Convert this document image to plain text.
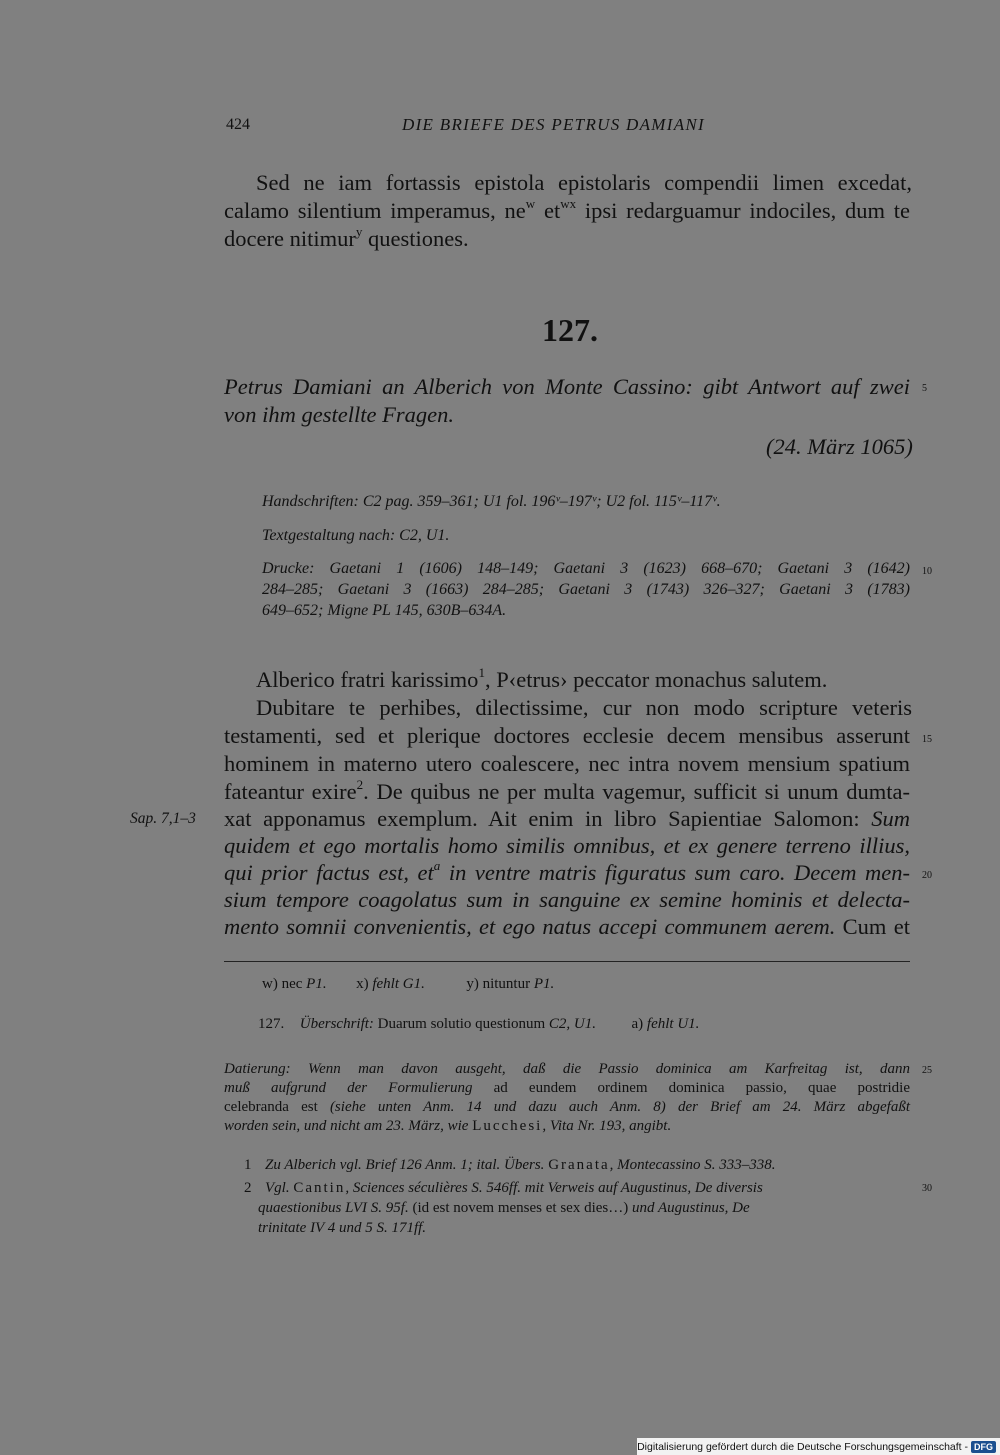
424	DIE BRIEFE DES PETRUS DAMIANI
Sed ne iam fortassis epistola epistolaris compendii limen excedat,
calamo silentium imperamus, $ne^w$ $et^{wx}$ ipsi redarguamur indociles, dum te
docere nitimur$^y$ questiones.
127.
Petrus Damiani an Alberich von Monte Cassino: gibt Antwort auf zwei
von ihm gestellte Fragen.
(24. März 1065)
Handschriften: C2 pag. 359–361; U1 fol. 196ᵛ–197ᵛ; U2 fol. 115ᵛ–117ᵛ.
Textgestaltung nach: C2, U1.
Drucke: Gaetani 1 (1606) 148–149; Gaetani 3 (1623) 668–670; Gaetani 3 (1642)
284–285; Gaetani 3 (1663) 284–285; Gaetani 3 (1743) 326–327; Gaetani 3 (1783)
649–652; Migne PL 145, 630B–634A.
Alberico fratri karissimo$^1$, P‹etrus› peccator monachus salutem.
Dubitare te perhibes, dilectissime, cur non modo scripture veteris
testamenti, sed et plerique doctores ecclesie decem mensibus asserunt
hominem in materno utero coalescere, nec intra novem mensium spatium
fateantur exire$^2$. De quibus ne per multa vagemur, sufficit si unum dumta-
xat apponamus exemplum. Ait enim in libro Sapientiae Salomon: Sum
quidem et ego mortalis homo similis omnibus, et ex genere terreno illius,
qui prior factus est, $et^a$ in ventre matris figuratus sum caro. Decem men-
sium tempore coagolatus sum in sanguine ex semine hominis et delecta-
mento somnii convenientis, et ego natus accepi communem aerem. Cum et
5
10
15
20
25
30
Sap. 7,1–3
w) nec P1. x) fehlt G1.	y) nituntur P1.
127. Überschrift: Duarum solutio questionum C2, U1. a) fehlt U1.
Datierung: Wenn man davon ausgeht, daß die Passio dominica am Karfreitag ist, dann
muß aufgrund der Formulierung ad eundem ordinem dominica passio, quae postridie
celebranda est (siehe unten Anm. 14 und dazu auch Anm. 8) der Brief am 24. März abgefaßt
worden sein, und nicht am 23. März, wie Lucchesi, Vita Nr. 193, angibt.
1 Zu Alberich vgl. Brief 126 Anm. 1; ital. Übers. Granata, Montecassino S. 333–338.
2 Vgl. Cantin, Sciences séculières S. 546ff. mit Verweis auf Augustinus, De diversis
quaestionibus LVI S. 95f. (id est novem menses et sex dies…) und Augustinus, De
trinitate IV 4 und 5 S. 171ff.
Digitalisierung gefördert durch die Deutsche Forschungsgemeinschaft - DFG
